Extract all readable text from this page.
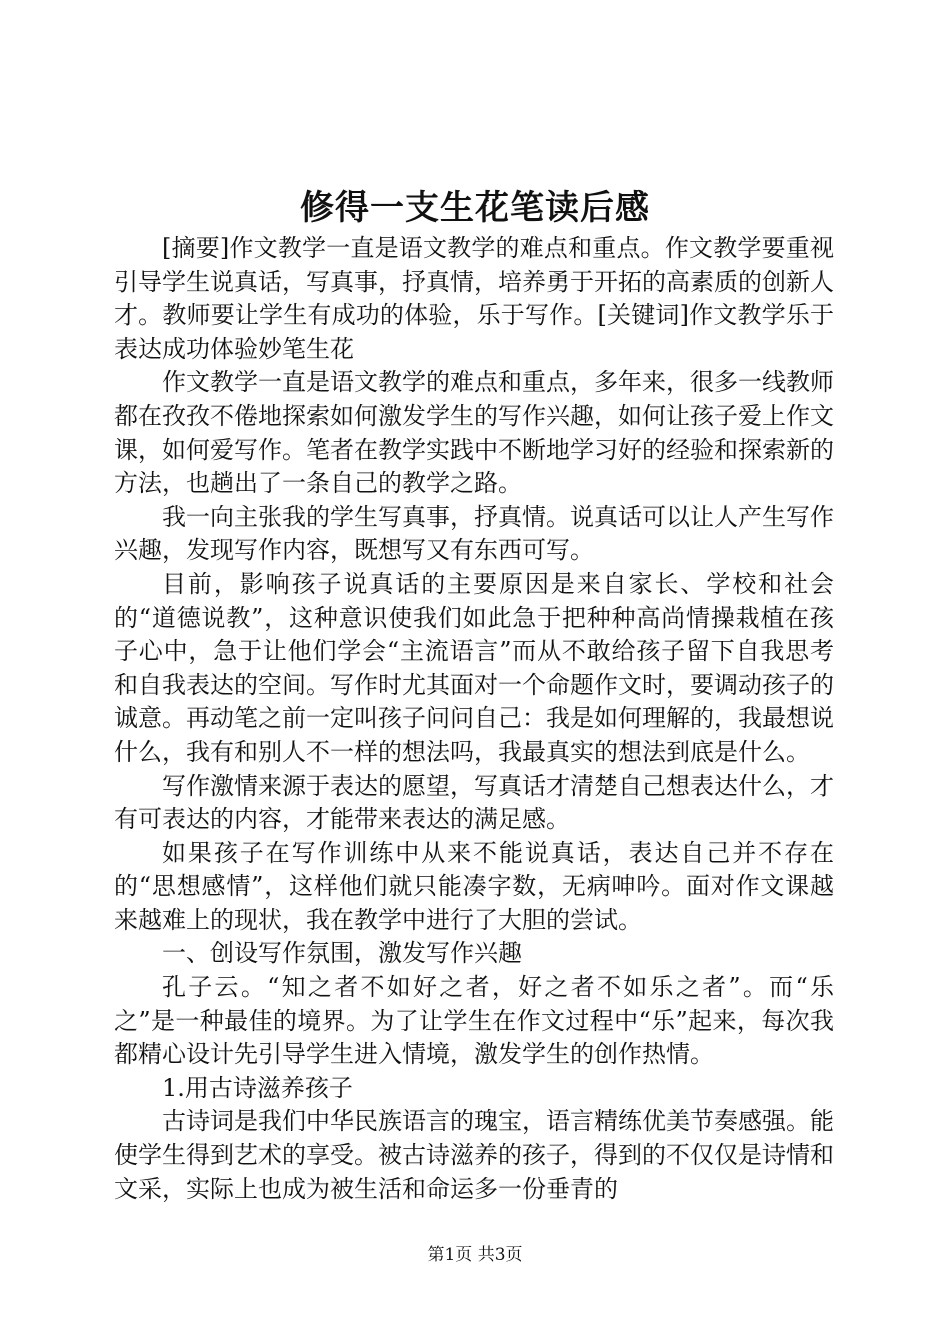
修得一支生花笔读后感

[摘要]作文教学一直是语文教学的难点和重点。作文教学要重视引导学生说真话，写真事，抒真情，培养勇于开拓的高素质的创新人才。教师要让学生有成功的体验，乐于写作。[关键词]作文教学乐于表达成功体验妙笔生花

作文教学一直是语文教学的难点和重点，多年来，很多一线教师都在孜孜不倦地探索如何激发学生的写作兴趣，如何让孩子爱上作文课，如何爱写作。笔者在教学实践中不断地学习好的经验和探索新的方法，也趟出了一条自己的教学之路。

我一向主张我的学生写真事，抒真情。说真话可以让人产生写作兴趣，发现写作内容，既想写又有东西可写。

目前，影响孩子说真话的主要原因是来自家长、学校和社会的“道德说教”，这种意识使我们如此急于把种种高尚情操栽植在孩子心中，急于让他们学会“主流语言”而从不敢给孩子留下自我思考和自我表达的空间。写作时尤其面对一个命题作文时，要调动孩子的诚意。再动笔之前一定叫孩子问问自己：我是如何理解的，我最想说什么，我有和别人不一样的想法吗，我最真实的想法到底是什么。

写作激情来源于表达的愿望，写真话才清楚自己想表达什么，才有可表达的内容，才能带来表达的满足感。

如果孩子在写作训练中从来不能说真话，表达自己并不存在的“思想感情”，这样他们就只能凑字数，无病呻吟。面对作文课越来越难上的现状，我在教学中进行了大胆的尝试。

一、创设写作氛围，激发写作兴趣

孔子云。“知之者不如好之者，好之者不如乐之者”。而“乐之”是一种最佳的境界。为了让学生在作文过程中“乐”起来，每次我都精心设计先引导学生进入情境，激发学生的创作热情。

1.用古诗滋养孩子

古诗词是我们中华民族语言的瑰宝，语言精练优美节奏感强。能使学生得到艺术的享受。被古诗滋养的孩子，得到的不仅仅是诗情和文采，实际上也成为被生活和命运多一份垂青的

第1页 共3页
